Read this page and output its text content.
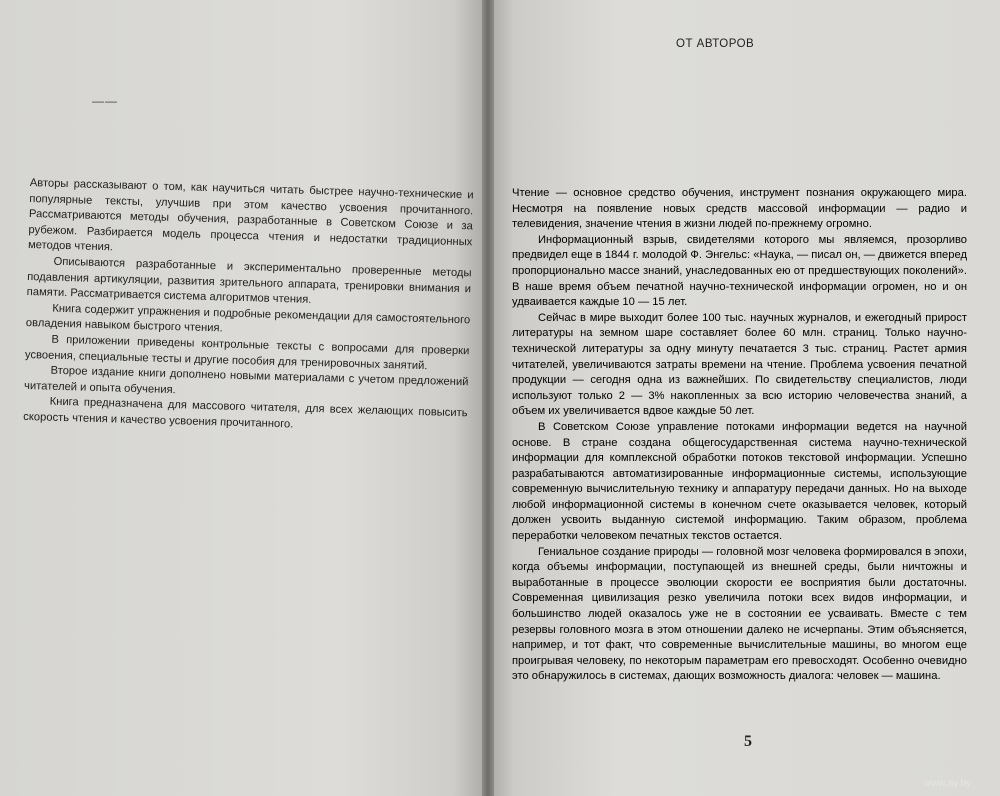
——

Авторы рассказывают о том, как научиться читать быстрее научно-технические и популярные тексты, улучшив при этом качество усвоения прочитанного. Рассматриваются методы обучения, разработанные в Советском Союзе и за рубежом. Разбирается модель процесса чтения и недостатки традиционных методов чтения.

Описываются разработанные и экспериментально проверенные методы подавления артикуляции, развития зрительного аппарата, тренировки внимания и памяти. Рассматривается система алгоритмов чтения.

Книга содержит упражнения и подробные рекомендации для самостоятельного овладения навыком быстрого чтения.

В приложении приведены контрольные тексты с вопросами для проверки усвоения, специальные тесты и другие пособия для тренировочных занятий.

Второе издание книги дополнено новыми материалами с учетом предложений читателей и опыта обучения.

Книга предназначена для массового читателя, для всех желающих повысить скорость чтения и качество усвоения прочитанного.

ОТ АВТОРОВ

Чтение — основное средство обучения, инструмент познания окружающего мира. Несмотря на появление новых средств массовой информации — радио и телевидения, значение чтения в жизни людей по-прежнему огромно.

Информационный взрыв, свидетелями которого мы являемся, прозорливо предвидел еще в 1844 г. молодой Ф. Энгельс: «Наука, — писал он, — движется вперед пропорционально массе знаний, унаследованных ею от предшествующих поколений». В наше время объем печатной научно-технической информации огромен, но и он удваивается каждые 10 — 15 лет.

Сейчас в мире выходит более 100 тыс. научных журналов, и ежегодный прирост литературы на земном шаре составляет более 60 млн. страниц. Только научно-технической литературы за одну минуту печатается 3 тыс. страниц. Растет армия читателей, увеличиваются затраты времени на чтение. Проблема усвоения печатной продукции — сегодня одна из важнейших. По свидетельству специалистов, люди используют только 2 — 3% накопленных за всю историю человечества знаний, а объем их увеличивается вдвое каждые 50 лет.

В Советском Союзе управление потоками информации ведется на научной основе. В стране создана общегосударственная система научно-технической информации для комплексной обработки потоков текстовой информации. Успешно разрабатываются автоматизированные информационные системы, использующие современную вычислительную технику и аппаратуру передачи данных. Но на выходе любой информационной системы в конечном счете оказывается человек, который должен усвоить выданную системой информацию. Таким образом, проблема переработки человеком печатных текстов остается.

Гениальное создание природы — головной мозг человека формировался в эпохи, когда объемы информации, поступающей из внешней среды, были ничтожны и выработанные в процессе эволюции скорости ее восприятия были достаточны. Современная цивилизация резко увеличила потоки всех видов информации, и большинство людей оказалось уже не в состоянии ее усваивать. Вместе с тем резервы головного мозга в этом отношении далеко не исчерпаны. Этим объясняется, например, и тот факт, что современные вычислительные машины, во многом еще проигрывая человеку, по некоторым параметрам его превосходят. Особенно очевидно это обнаружилось в системах, дающих возможность диалога: человек — машина.

5
www.ay.by
